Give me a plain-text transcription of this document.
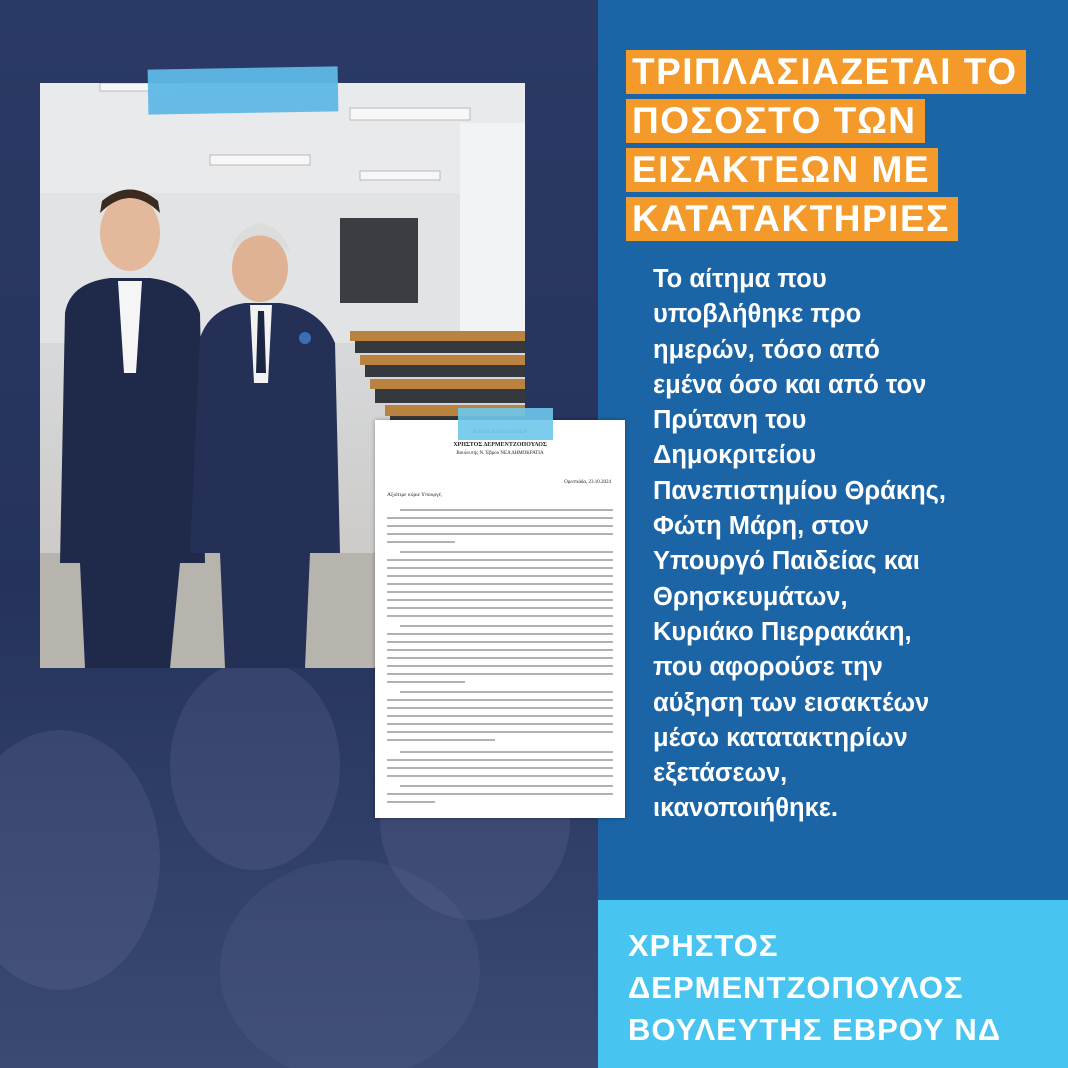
ΧΡΗΣΤΟΣ ΔΕΡΜΕΝΤΖΟΠΟΥΛΟΣ
Βουλευτής Ν. Έβρου ΝΕΑ ΔΗΜΟΚΡΑΤΙΑ
Ορεστιάδα, 23.10.2024
Αξιότιμε κύριε Υπουργέ,
ΤΡΙΠΛΑΣΙΑΖΕΤΑΙ ΤΟ
ΠΟΣΟΣΤΟ ΤΩΝ
ΕΙΣΑΚΤΕΩΝ ΜΕ
ΚΑΤΑΤΑΚΤΗΡΙΕΣ
Το αίτημα που
υποβλήθηκε προ
ημερών, τόσο από
εμένα όσο και από τον
Πρύτανη του
Δημοκριτείου
Πανεπιστημίου Θράκης,
Φώτη Μάρη, στον
Υπουργό Παιδείας και
Θρησκευμάτων,
Κυριάκο Πιερρακάκη,
που αφορούσε την
αύξηση των εισακτέων
μέσω κατατακτηρίων
εξετάσεων,
ικανοποιήθηκε.
ΧΡΗΣΤΟΣ
ΔΕΡΜΕΝΤΖΟΠΟΥΛΟΣ
ΒΟΥΛΕΥΤΗΣ ΕΒΡΟΥ ΝΔ
